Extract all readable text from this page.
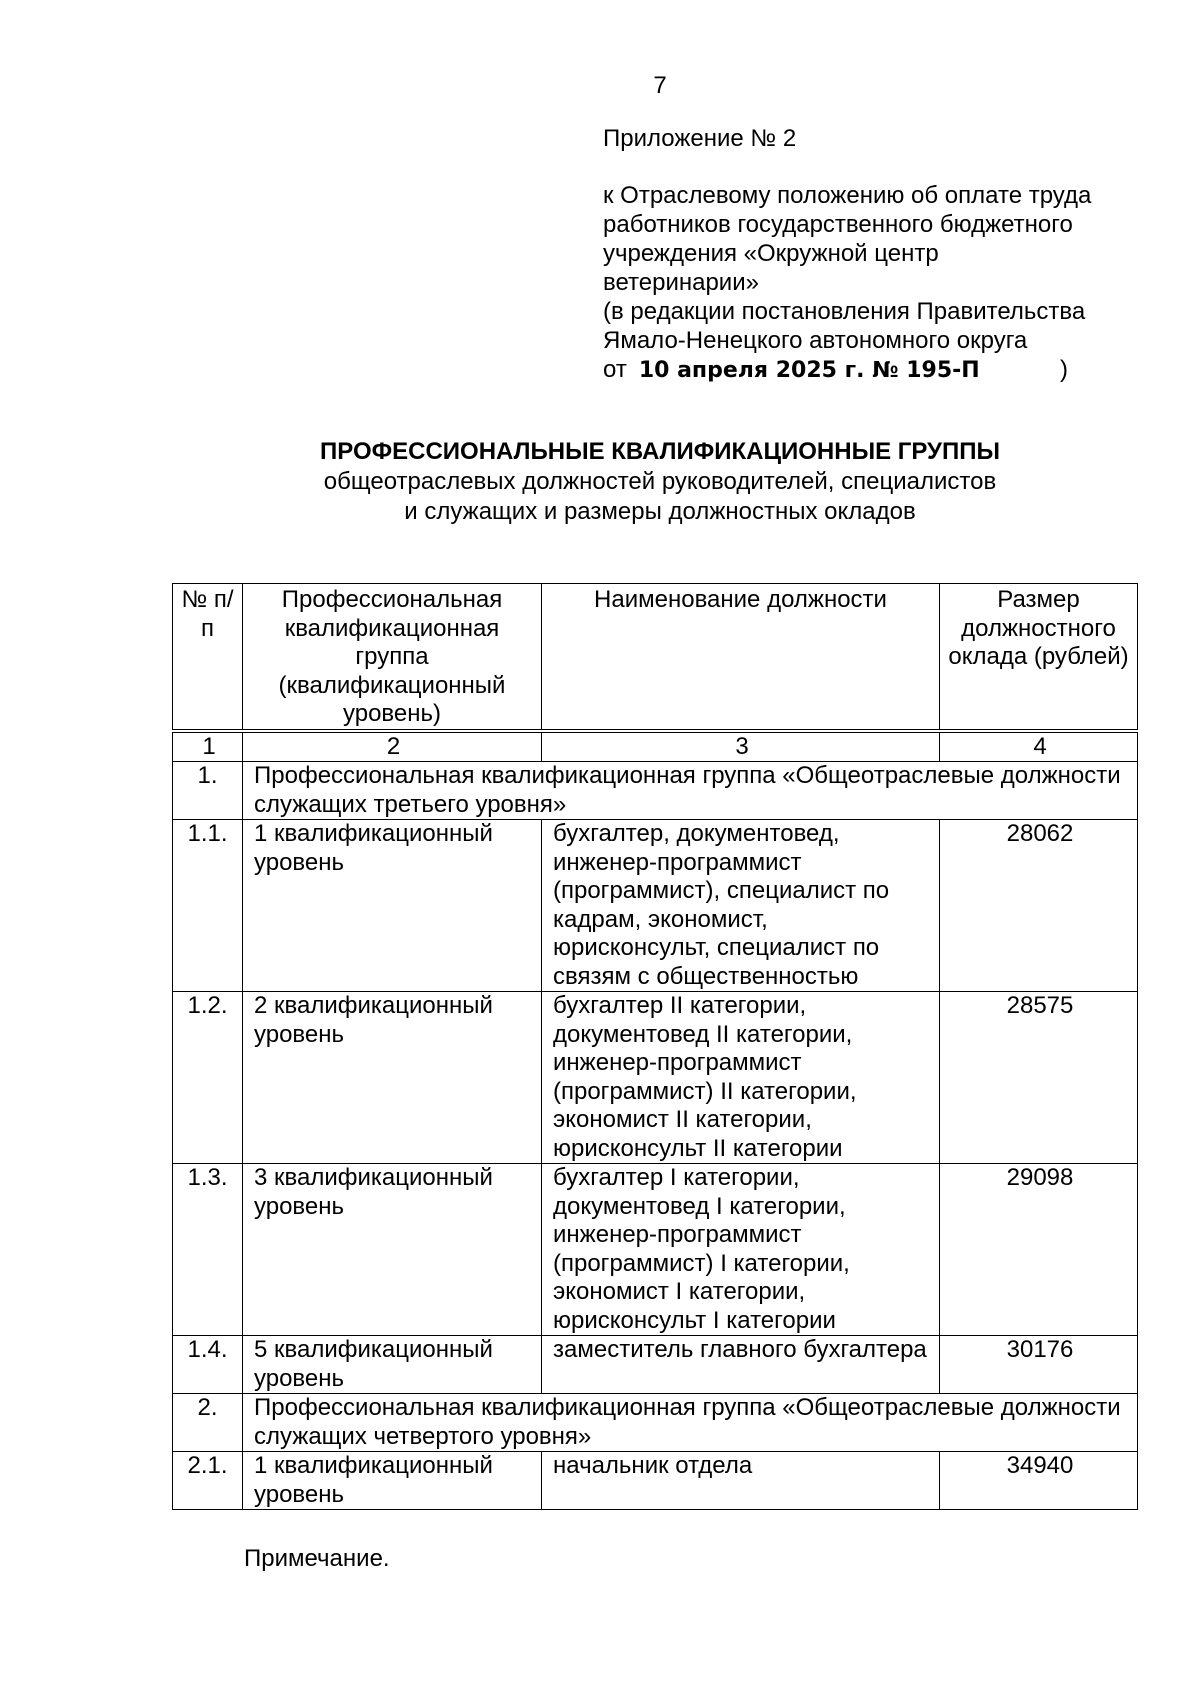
7
Приложение № 2
к Отраслевому положению об оплате труда
работников государственного бюджетного
учреждения «Окружной центр
ветеринарии»
(в редакции постановления Правительства
Ямало-Ненецкого автономного округа
от 10 апреля 2025 г. № 195-П	)
ПРОФЕССИОНАЛЬНЫЕ КВАЛИФИКАЦИОННЫЕ ГРУППЫ
общеотраслевых должностей руководителей, специалистов
и служащих и размеры должностных окладов
№ п/п	Профессиональная квалификационная группа (квалификационный уровень)	Наименование должности	Размер должностного оклада (рублей)
1	2	3	4
1.	Профессиональная квалификационная группа «Общеотраслевые должности служащих третьего уровня»		
1.1.	1 квалификационный уровень	бухгалтер, документовед, инженер-программист (программист), специалист по кадрам, экономист, юрисконсульт, специалист по связям с общественностью	28062
1.2.	2 квалификационный уровень	бухгалтер II категории, документовед II категории, инженер-программист (программист) II категории, экономист II категории, юрисконсульт II категории	28575
1.3.	3 квалификационный уровень	бухгалтер I категории, документовед I категории, инженер-программист (программист) I категории, экономист I категории, юрисконсульт I категории	29098
1.4.	5 квалификационный уровень	заместитель главного бухгалтера	30176
2.	Профессиональная квалификационная группа «Общеотраслевые должности служащих четвертого уровня»		
2.1.	1 квалификационный уровень	начальник отдела	34940
Примечание.
